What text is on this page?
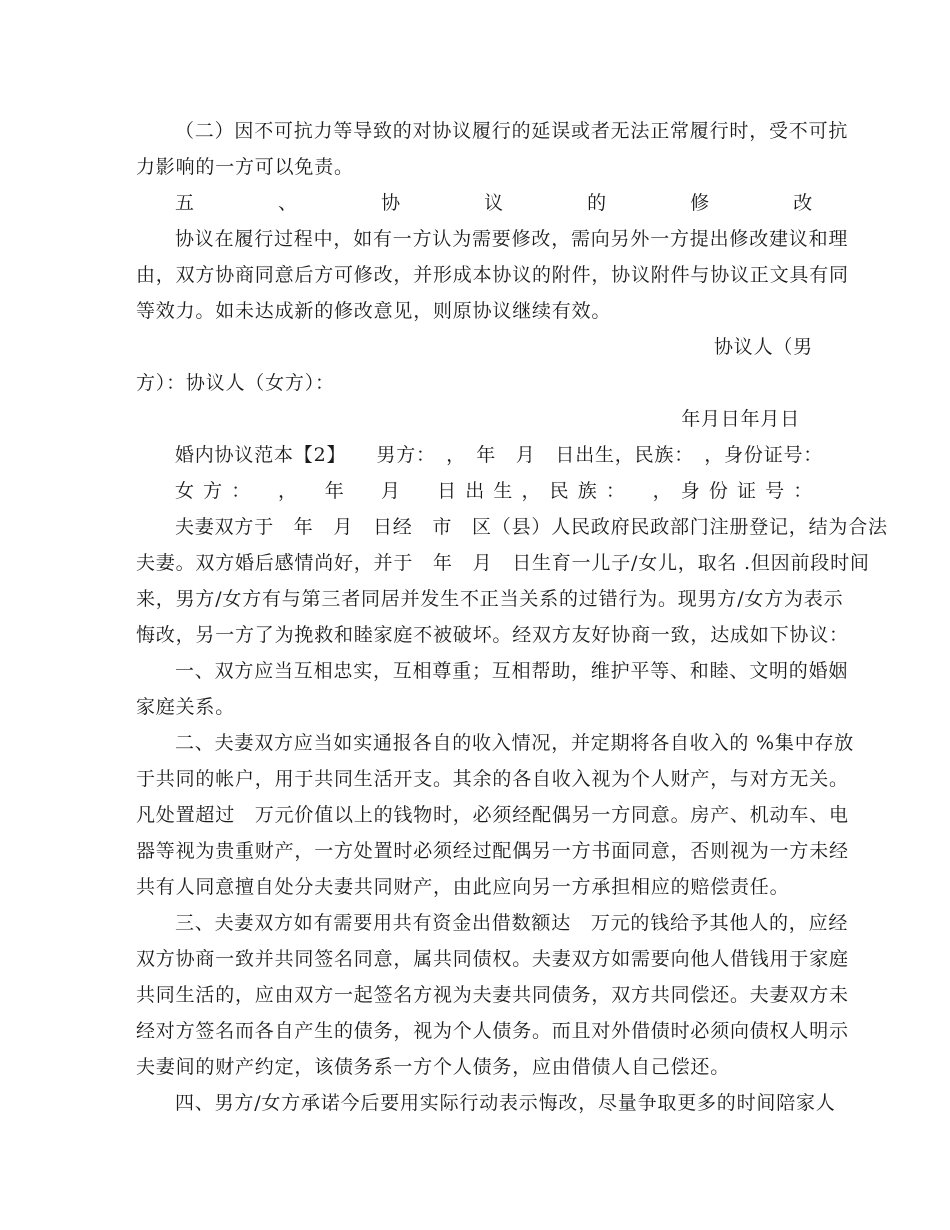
（二）因不可抗力等导致的对协议履行的延误或者无法正常履行时，受不可抗
力影响的一方可以免责。
五、协议的修改
协议在履行过程中，如有一方认为需要修改，需向另外一方提出修改建议和理
由，双方协商同意后方可修改，并形成本协议的附件，协议附件与协议正文具有同
等效力。如未达成新的修改意见，则原协议继续有效。
协议人（男
方）：协议人（女方）：
年月日年月日
婚内协议范本【2】　　男方：　，　年　月　日出生，民族：　，身份证号：
女方：　，　年　月　日出生，民族：　，身份证号：
夫妻双方于　年　月　日经　市　区（县）人民政府民政部门注册登记，结为合法
夫妻。双方婚后感情尚好，并于　年　月　日生育一儿子/女儿，取名 .但因前段时间
来，男方/女方有与第三者同居并发生不正当关系的过错行为。现男方/女方为表示
悔改，另一方了为挽救和睦家庭不被破坏。经双方友好协商一致，达成如下协议：
一、双方应当互相忠实，互相尊重；互相帮助，维护平等、和睦、文明的婚姻
家庭关系。
二、夫妻双方应当如实通报各自的收入情况，并定期将各自收入的 %集中存放
于共同的帐户，用于共同生活开支。其余的各自收入视为个人财产，与对方无关。
凡处置超过　万元价值以上的钱物时，必须经配偶另一方同意。房产、机动车、电
器等视为贵重财产，一方处置时必须经过配偶另一方书面同意，否则视为一方未经
共有人同意擅自处分夫妻共同财产，由此应向另一方承担相应的赔偿责任。
三、夫妻双方如有需要用共有资金出借数额达　万元的钱给予其他人的，应经
双方协商一致并共同签名同意，属共同债权。夫妻双方如需要向他人借钱用于家庭
共同生活的，应由双方一起签名方视为夫妻共同债务，双方共同偿还。夫妻双方未
经对方签名而各自产生的债务，视为个人债务。而且对外借债时必须向债权人明示
夫妻间的财产约定，该债务系一方个人债务，应由借债人自己偿还。
四、男方/女方承诺今后要用实际行动表示悔改，尽量争取更多的时间陪家人
